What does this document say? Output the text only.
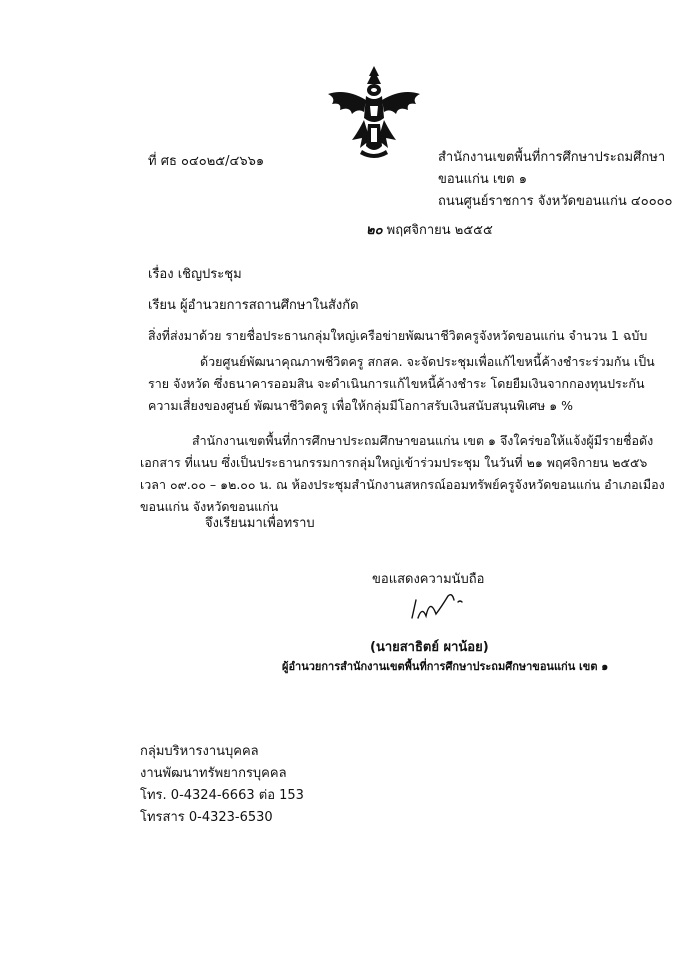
ที่ ศธ ๐๔๐๒๕/๔๖๖๑	สำนักงานเขตพื้นที่การศึกษาประถมศึกษา
ขอนแก่น เขต ๑
ถนนศูนย์ราชการ จังหวัดขอนแก่น ๔๐๐๐๐
๒๐ พฤศจิกายน ๒๕๕๕
เรื่อง เชิญประชุม
เรียน ผู้อำนวยการสถานศึกษาในสังกัด
สิ่งที่ส่งมาด้วย รายชื่อประธานกลุ่มใหญ่เครือข่ายพัฒนาชีวิตครูจังหวัดขอนแก่น จำนวน 1 ฉบับ
ด้วยศูนย์พัฒนาคุณภาพชีวิตครู สกสค. จะจัดประชุมเพื่อแก้ไขหนี้ค้างชำระร่วมกัน เป็นราย จังหวัด ซึ่งธนาคารออมสิน จะดำเนินการแก้ไขหนี้ค้างชำระ โดยยืมเงินจากกองทุนประกันความเสี่ยงของศูนย์ พัฒนาชีวิตครู เพื่อให้กลุ่มมีโอกาสรับเงินสนับสนุนพิเศษ ๑ %
สำนักงานเขตพื้นที่การศึกษาประถมศึกษาขอนแก่น เขต ๑ จึงใคร่ขอให้แจ้งผู้มีรายชื่อดังเอกสาร ที่แนบ ซึ่งเป็นประธานกรรมการกลุ่มใหญ่เข้าร่วมประชุม ในวันที่ ๒๑ พฤศจิกายน ๒๕๕๖ เวลา ๐๙.๐๐ – ๑๒.๐๐ น. ณ ห้องประชุมสำนักงานสหกรณ์ออมทรัพย์ครูจังหวัดขอนแก่น อำเภอเมืองขอนแก่น จังหวัดขอนแก่น
จึงเรียนมาเพื่อทราบ
ขอแสดงความนับถือ
(นายสาธิตย์ ผาน้อย)
ผู้อำนวยการสำนักงานเขตพื้นที่การศึกษาประถมศึกษาขอนแก่น เขต ๑
กลุ่มบริหารงานบุคคล
งานพัฒนาทรัพยากรบุคคล
โทร. 0-4324-6663 ต่อ 153
โทรสาร 0-4323-6530
